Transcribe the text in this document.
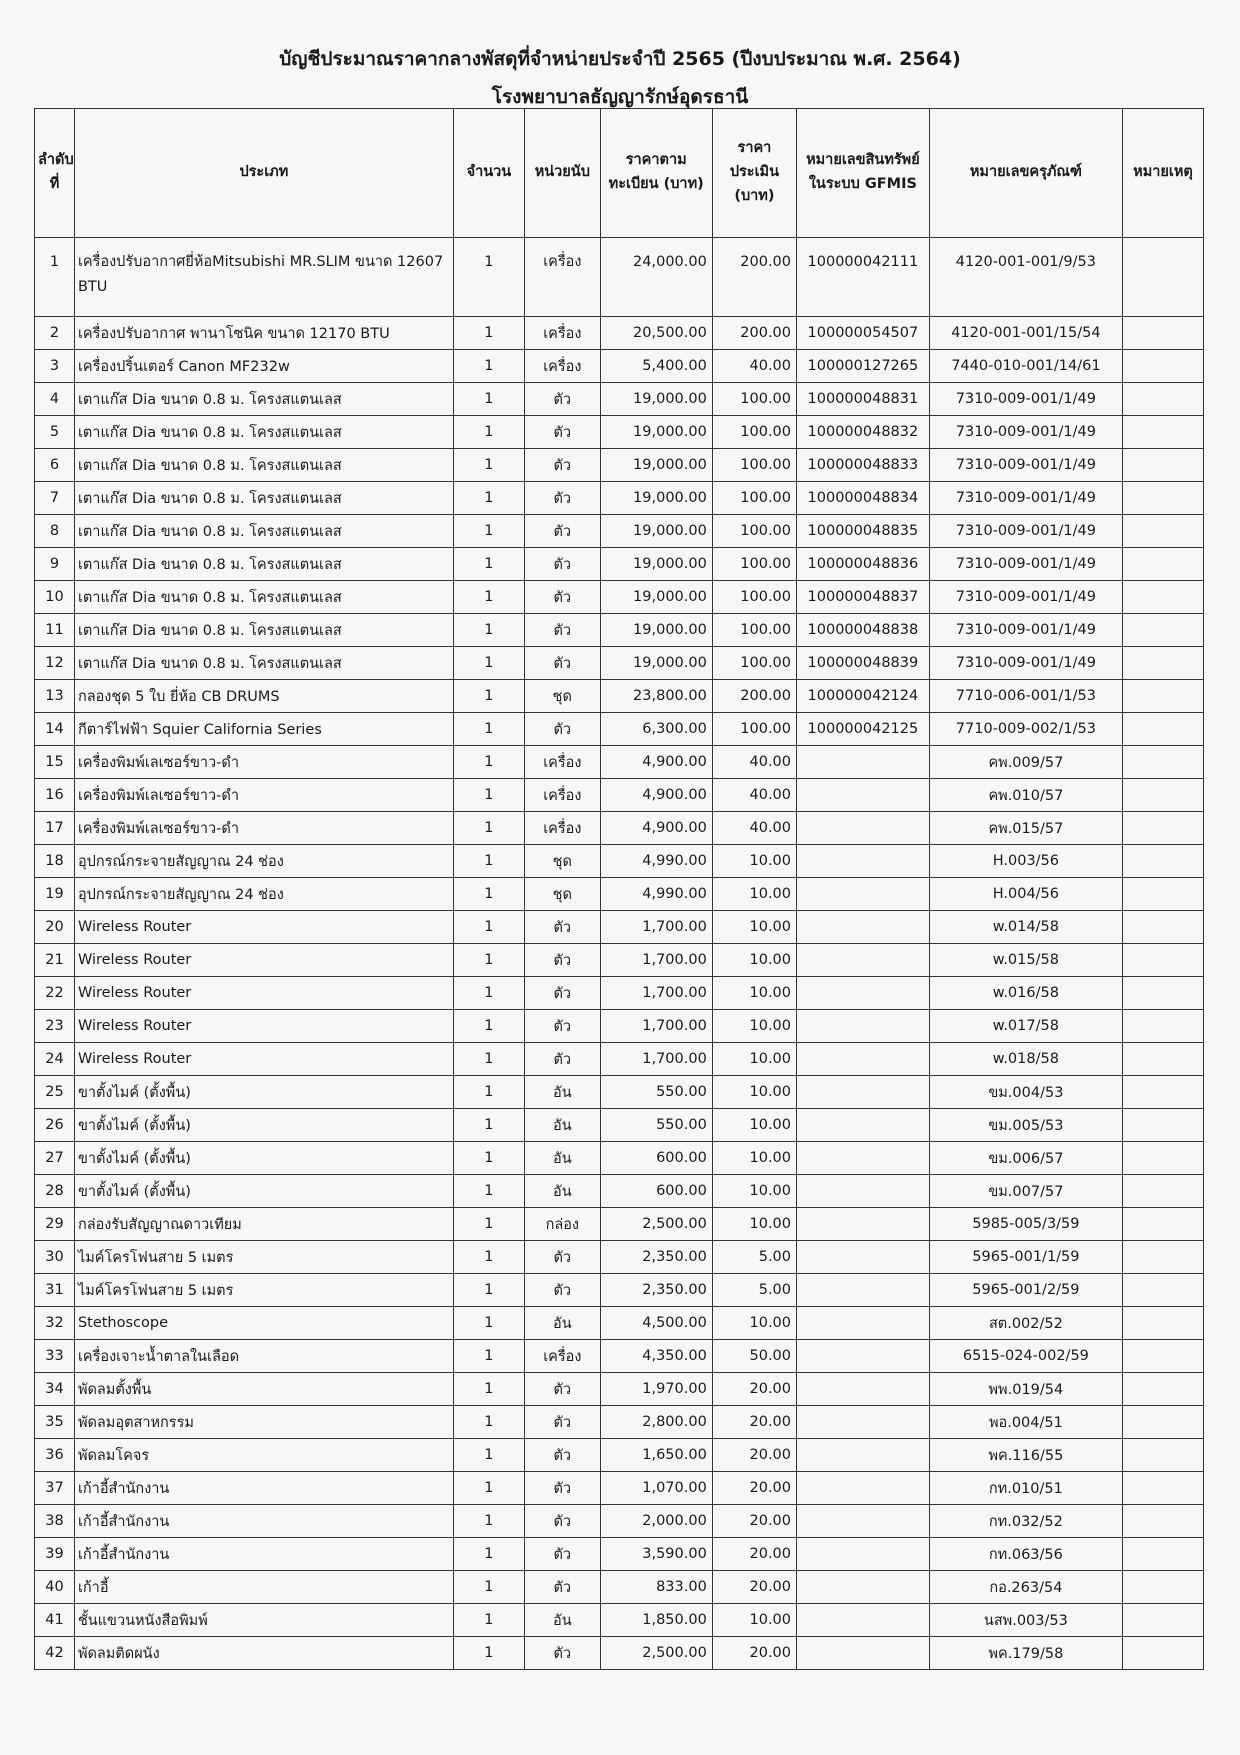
บัญชีประมาณราคากลางพัสดุที่จำหน่ายประจำปี 2565 (ปีงบประมาณ พ.ศ. 2564)
โรงพยาบาลธัญญารักษ์อุดรธานี
ลำดับที่	ประเภท	จำนวน	หน่วยนับ	ราคาตามทะเบียน (บาท)	ราคาประเมิน (บาท)	หมายเลขสินทรัพย์ในระบบ GFMIS	หมายเลขครุภัณฑ์	หมายเหตุ
1	เครื่องปรับอากาศยี่ห้อMitsubishi MR.SLIM ขนาด 12607 BTU	1	เครื่อง	24,000.00	200.00	100000042111	4120-001-001/9/53	
2	เครื่องปรับอากาศ พานาโซนิค ขนาด 12170 BTU	1	เครื่อง	20,500.00	200.00	100000054507	4120-001-001/15/54	
3	เครื่องปริ้นเตอร์ Canon MF232w	1	เครื่อง	5,400.00	40.00	100000127265	7440-010-001/14/61	
4	เตาแก๊ส Dia ขนาด 0.8 ม. โครงสแตนเลส	1	ตัว	19,000.00	100.00	100000048831	7310-009-001/1/49	
5	เตาแก๊ส Dia ขนาด 0.8 ม. โครงสแตนเลส	1	ตัว	19,000.00	100.00	100000048832	7310-009-001/1/49	
6	เตาแก๊ส Dia ขนาด 0.8 ม. โครงสแตนเลส	1	ตัว	19,000.00	100.00	100000048833	7310-009-001/1/49	
7	เตาแก๊ส Dia ขนาด 0.8 ม. โครงสแตนเลส	1	ตัว	19,000.00	100.00	100000048834	7310-009-001/1/49	
8	เตาแก๊ส Dia ขนาด 0.8 ม. โครงสแตนเลส	1	ตัว	19,000.00	100.00	100000048835	7310-009-001/1/49	
9	เตาแก๊ส Dia ขนาด 0.8 ม. โครงสแตนเลส	1	ตัว	19,000.00	100.00	100000048836	7310-009-001/1/49	
10	เตาแก๊ส Dia ขนาด 0.8 ม. โครงสแตนเลส	1	ตัว	19,000.00	100.00	100000048837	7310-009-001/1/49	
11	เตาแก๊ส Dia ขนาด 0.8 ม. โครงสแตนเลส	1	ตัว	19,000.00	100.00	100000048838	7310-009-001/1/49	
12	เตาแก๊ส Dia ขนาด 0.8 ม. โครงสแตนเลส	1	ตัว	19,000.00	100.00	100000048839	7310-009-001/1/49	
13	กลองชุด 5 ใบ ยี่ห้อ CB DRUMS	1	ชุด	23,800.00	200.00	100000042124	7710-006-001/1/53	
14	กีตาร์ไฟฟ้า Squier California Series	1	ตัว	6,300.00	100.00	100000042125	7710-009-002/1/53	
15	เครื่องพิมพ์เลเซอร์ขาว-ดำ	1	เครื่อง	4,900.00	40.00		คพ.009/57	
16	เครื่องพิมพ์เลเซอร์ขาว-ดำ	1	เครื่อง	4,900.00	40.00		คพ.010/57	
17	เครื่องพิมพ์เลเซอร์ขาว-ดำ	1	เครื่อง	4,900.00	40.00		คพ.015/57	
18	อุปกรณ์กระจายสัญญาณ 24 ช่อง	1	ชุด	4,990.00	10.00		H.003/56	
19	อุปกรณ์กระจายสัญญาณ 24 ช่อง	1	ชุด	4,990.00	10.00		H.004/56	
20	Wireless Router	1	ตัว	1,700.00	10.00		w.014/58	
21	Wireless Router	1	ตัว	1,700.00	10.00		w.015/58	
22	Wireless Router	1	ตัว	1,700.00	10.00		w.016/58	
23	Wireless Router	1	ตัว	1,700.00	10.00		w.017/58	
24	Wireless Router	1	ตัว	1,700.00	10.00		w.018/58	
25	ขาตั้งไมค์ (ตั้งพื้น)	1	อัน	550.00	10.00		ขม.004/53	
26	ขาตั้งไมค์ (ตั้งพื้น)	1	อัน	550.00	10.00		ขม.005/53	
27	ขาตั้งไมค์ (ตั้งพื้น)	1	อัน	600.00	10.00		ขม.006/57	
28	ขาตั้งไมค์ (ตั้งพื้น)	1	อัน	600.00	10.00		ขม.007/57	
29	กล่องรับสัญญาณดาวเทียม	1	กล่อง	2,500.00	10.00		5985-005/3/59	
30	ไมค์โครโฟนสาย 5 เมตร	1	ตัว	2,350.00	5.00		5965-001/1/59	
31	ไมค์โครโฟนสาย 5 เมตร	1	ตัว	2,350.00	5.00		5965-001/2/59	
32	Stethoscope	1	อัน	4,500.00	10.00		สต.002/52	
33	เครื่องเจาะน้ำตาลในเลือด	1	เครื่อง	4,350.00	50.00		6515-024-002/59	
34	พัดลมตั้งพื้น	1	ตัว	1,970.00	20.00		พพ.019/54	
35	พัดลมอุตสาหกรรม	1	ตัว	2,800.00	20.00		พอ.004/51	
36	พัดลมโคจร	1	ตัว	1,650.00	20.00		พค.116/55	
37	เก้าอี้สำนักงาน	1	ตัว	1,070.00	20.00		กท.010/51	
38	เก้าอี้สำนักงาน	1	ตัว	2,000.00	20.00		กท.032/52	
39	เก้าอี้สำนักงาน	1	ตัว	3,590.00	20.00		กท.063/56	
40	เก้าอี้	1	ตัว	833.00	20.00		กอ.263/54	
41	ชั้นแขวนหนังสือพิมพ์	1	อัน	1,850.00	10.00		นสพ.003/53	
42	พัดลมติดผนัง	1	ตัว	2,500.00	20.00		พค.179/58	
